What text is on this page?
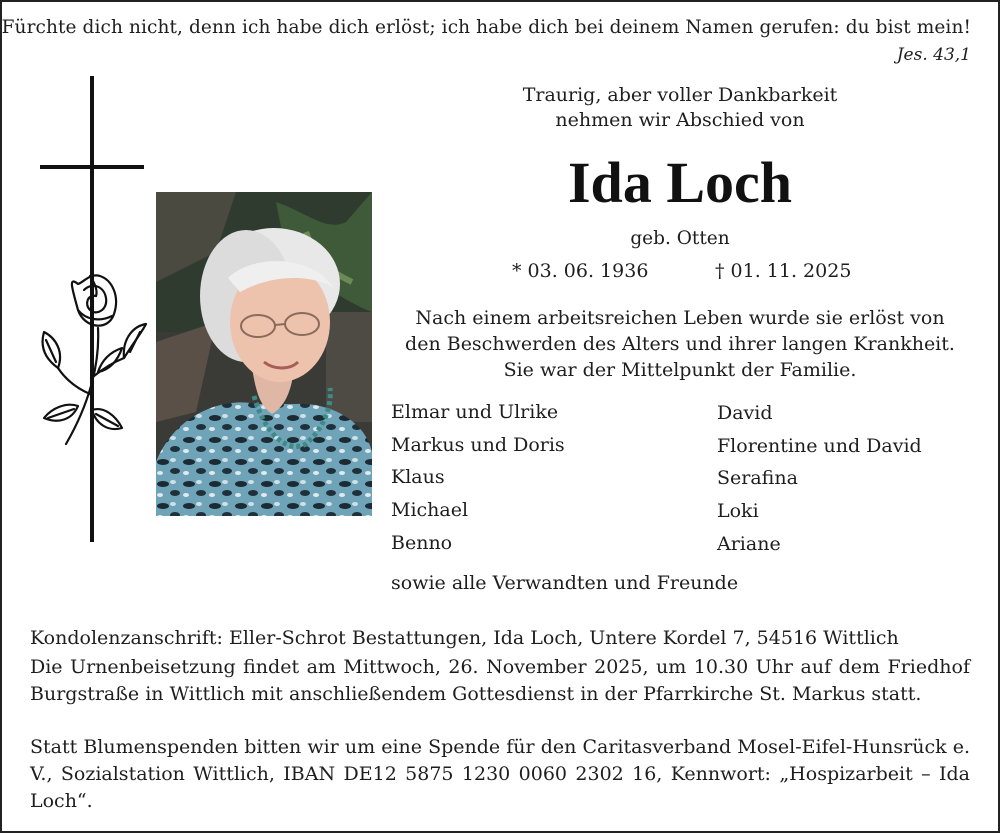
Fürchte dich nicht, denn ich habe dich erlöst; ich habe dich bei deinem Namen gerufen: du bist mein!
Jes. 43,1
Traurig, aber voller Dankbarkeit
nehmen wir Abschied von
Ida Loch
geb. Otten
* 03. 06. 1936	† 01. 11. 2025
Nach einem arbeitsreichen Leben wurde sie erlöst von
den Beschwerden des Alters und ihrer langen Krankheit.
Sie war der Mittelpunkt der Familie.
Elmar und Ulrike
Markus und Doris
Klaus
Michael
Benno
David
Florentine und David
Serafina
Loki
Ariane
sowie alle Verwandten und Freunde
Kondolenzanschrift: Eller-Schrot Bestattungen, Ida Loch, Untere Kordel 7, 54516 Wittlich
Die Urnenbeisetzung findet am Mittwoch, 26. November 2025, um 10.30 Uhr auf dem Friedhof Burgstraße in Wittlich mit anschließendem Gottesdienst in der Pfarrkirche St. Markus statt.
Statt Blumenspenden bitten wir um eine Spende für den Caritasverband Mosel-Eifel-Hunsrück e. V., Sozialstation Wittlich, IBAN DE12 5875 1230 0060 2302 16, Kennwort: „Hospizarbeit – Ida Loch“.
